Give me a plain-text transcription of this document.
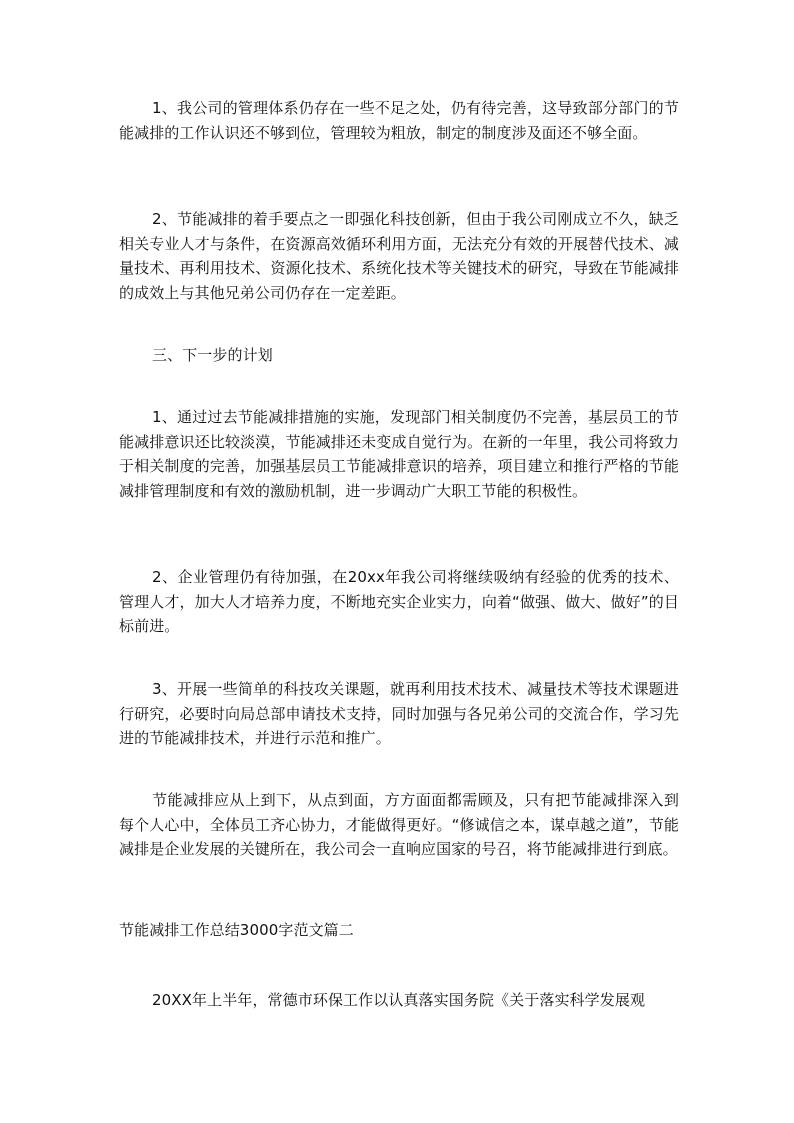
1、我公司的管理体系仍存在一些不足之处，仍有待完善，这导致部分部门的节能减排的工作认识还不够到位，管理较为粗放，制定的制度涉及面还不够全面。

2、节能减排的着手要点之一即强化科技创新，但由于我公司刚成立不久，缺乏相关专业人才与条件，在资源高效循环利用方面，无法充分有效的开展替代技术、减量技术、再利用技术、资源化技术、系统化技术等关键技术的研究，导致在节能减排的成效上与其他兄弟公司仍存在一定差距。

三、下一步的计划

1、通过过去节能减排措施的实施，发现部门相关制度仍不完善，基层员工的节能减排意识还比较淡漠，节能减排还未变成自觉行为。在新的一年里，我公司将致力于相关制度的完善，加强基层员工节能减排意识的培养，项目建立和推行严格的节能减排管理制度和有效的激励机制，进一步调动广大职工节能的积极性。

2、企业管理仍有待加强，在20xx年我公司将继续吸纳有经验的优秀的技术、管理人才，加大人才培养力度，不断地充实企业实力，向着“做强、做大、做好”的目标前进。

3、开展一些简单的科技攻关课题，就再利用技术技术、减量技术等技术课题进行研究，必要时向局总部申请技术支持，同时加强与各兄弟公司的交流合作，学习先进的节能减排技术，并进行示范和推广。

节能减排应从上到下，从点到面，方方面面都需顾及，只有把节能减排深入到每个人心中，全体员工齐心协力，才能做得更好。“修诚信之本，谋卓越之道”，节能减排是企业发展的关键所在，我公司会一直响应国家的号召，将节能减排进行到底。

节能减排工作总结3000字范文篇二

20XX年上半年，常德市环保工作以认真落实国务院《关于落实科学发展观
